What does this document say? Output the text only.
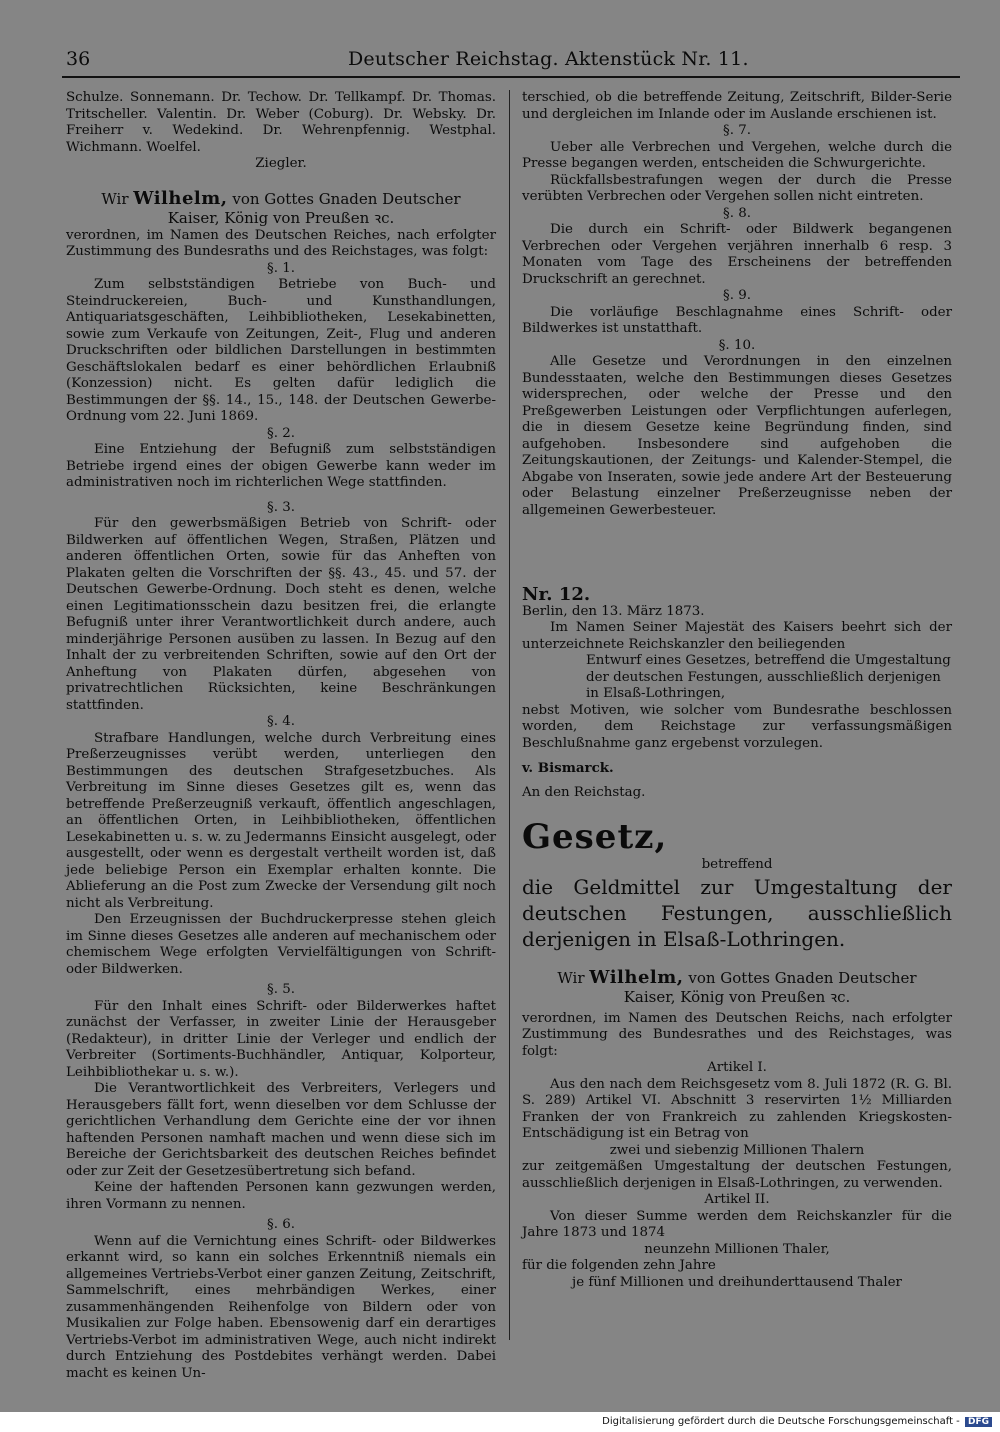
36	Deutscher Reichstag. Aktenstück Nr. 11.

Schulze. Sonnemann. Dr. Techow. Dr. Tellkampf. Dr. Thomas. Tritscheller. Valentin. Dr. Weber (Coburg). Dr. Websky. Dr. Freiherr v. Wedekind. Dr. Wehrenpfennig. Westphal. Wichmann. Woelfel.

Ziegler.

Wir Wilhelm, von Gottes Gnaden Deutscher

Kaiser, König von Preußen ꝛc.

verordnen, im Namen des Deutschen Reiches, nach erfolgter Zustimmung des Bundesraths und des Reichstages, was folgt:

§. 1.

Zum selbstständigen Betriebe von Buch- und Steindruckereien, Buch- und Kunsthandlungen, Antiquariatsgeschäften, Leihbibliotheken, Lesekabinetten, sowie zum Verkaufe von Zeitungen, Zeit-, Flug und anderen Druckschriften oder bildlichen Darstellungen in bestimmten Geschäftslokalen bedarf es einer behördlichen Erlaubniß (Konzession) nicht. Es gelten dafür lediglich die Bestimmungen der §§. 14., 15., 148. der Deutschen Gewerbe-Ordnung vom 22. Juni 1869.

§. 2.

Eine Entziehung der Befugniß zum selbstständigen Betriebe irgend eines der obigen Gewerbe kann weder im administrativen noch im richterlichen Wege stattfinden.

§. 3.

Für den gewerbsmäßigen Betrieb von Schrift- oder Bildwerken auf öffentlichen Wegen, Straßen, Plätzen und anderen öffentlichen Orten, sowie für das Anheften von Plakaten gelten die Vorschriften der §§. 43., 45. und 57. der Deutschen Gewerbe-Ordnung. Doch steht es denen, welche einen Legitimationsschein dazu besitzen frei, die erlangte Befugniß unter ihrer Verantwortlichkeit durch andere, auch minderjährige Personen ausüben zu lassen. In Bezug auf den Inhalt der zu verbreitenden Schriften, sowie auf den Ort der Anheftung von Plakaten dürfen, abgesehen von privatrechtlichen Rücksichten, keine Beschränkungen stattfinden.

§. 4.

Strafbare Handlungen, welche durch Verbreitung eines Preßerzeugnisses verübt werden, unterliegen den Bestimmungen des deutschen Strafgesetzbuches. Als Verbreitung im Sinne dieses Gesetzes gilt es, wenn das betreffende Preßerzeugniß verkauft, öffentlich angeschlagen, an öffentlichen Orten, in Leihbibliotheken, öffentlichen Lesekabinetten u. s. w. zu Jedermanns Einsicht ausgelegt, oder ausgestellt, oder wenn es dergestalt vertheilt worden ist, daß jede beliebige Person ein Exemplar erhalten konnte. Die Ablieferung an die Post zum Zwecke der Versendung gilt noch nicht als Verbreitung.

Den Erzeugnissen der Buchdruckerpresse stehen gleich im Sinne dieses Gesetzes alle anderen auf mechanischem oder chemischem Wege erfolgten Vervielfältigungen von Schrift- oder Bildwerken.

§. 5.

Für den Inhalt eines Schrift- oder Bilderwerkes haftet zunächst der Verfasser, in zweiter Linie der Herausgeber (Redakteur), in dritter Linie der Verleger und endlich der Verbreiter (Sortiments-Buchhändler, Antiquar, Kolporteur, Leihbibliothekar u. s. w.).

Die Verantwortlichkeit des Verbreiters, Verlegers und Herausgebers fällt fort, wenn dieselben vor dem Schlusse der gerichtlichen Verhandlung dem Gerichte eine der vor ihnen haftenden Personen namhaft machen und wenn diese sich im Bereiche der Gerichtsbarkeit des deutschen Reiches befindet oder zur Zeit der Gesetzesübertretung sich befand.

Keine der haftenden Personen kann gezwungen werden, ihren Vormann zu nennen.

§. 6.

Wenn auf die Vernichtung eines Schrift- oder Bildwerkes erkannt wird, so kann ein solches Erkenntniß niemals ein allgemeines Vertriebs-Verbot einer ganzen Zeitung, Zeitschrift, Sammelschrift, eines mehrbändigen Werkes, einer zusammenhängenden Reihenfolge von Bildern oder von Musikalien zur Folge haben. Ebensowenig darf ein derartiges Vertriebs-Verbot im administrativen Wege, auch nicht indirekt durch Entziehung des Postdebites verhängt werden. Dabei macht es keinen Un-

terschied, ob die betreffende Zeitung, Zeitschrift, Bilder-Serie und dergleichen im Inlande oder im Auslande erschienen ist.

§. 7.

Ueber alle Verbrechen und Vergehen, welche durch die Presse begangen werden, entscheiden die Schwurgerichte.

Rückfallsbestrafungen wegen der durch die Presse verübten Verbrechen oder Vergehen sollen nicht eintreten.

§. 8.

Die durch ein Schrift- oder Bildwerk begangenen Verbrechen oder Vergehen verjähren innerhalb 6 resp. 3 Monaten vom Tage des Erscheinens der betreffenden Druckschrift an gerechnet.

§. 9.

Die vorläufige Beschlagnahme eines Schrift- oder Bildwerkes ist unstatthaft.

§. 10.

Alle Gesetze und Verordnungen in den einzelnen Bundesstaaten, welche den Bestimmungen dieses Gesetzes widersprechen, oder welche der Presse und den Preßgewerben Leistungen oder Verpflichtungen auferlegen, die in diesem Gesetze keine Begründung finden, sind aufgehoben. Insbesondere sind aufgehoben die Zeitungskautionen, der Zeitungs- und Kalender-Stempel, die Abgabe von Inseraten, sowie jede andere Art der Besteuerung oder Belastung einzelner Preßerzeugnisse neben der allgemeinen Gewerbesteuer.

Nr. 12.

Berlin, den 13. März 1873.

Im Namen Seiner Majestät des Kaisers beehrt sich der unterzeichnete Reichskanzler den beiliegenden

Entwurf eines Gesetzes, betreffend die Umgestaltung der deutschen Festungen, ausschließlich derjenigen in Elsaß-Lothringen,

nebst Motiven, wie solcher vom Bundesrathe beschlossen worden, dem Reichstage zur verfassungsmäßigen Beschlußnahme ganz ergebenst vorzulegen.

v. Bismarck.

An den Reichstag.

Gesetz,

betreffend

die Geldmittel zur Umgestaltung der deutschen Festungen, ausschließlich derjenigen in Elsaß-Lothringen.

Wir Wilhelm, von Gottes Gnaden Deutscher

Kaiser, König von Preußen ꝛc.

verordnen, im Namen des Deutschen Reichs, nach erfolgter Zustimmung des Bundesrathes und des Reichstages, was folgt:

Artikel I.

Aus den nach dem Reichsgesetz vom 8. Juli 1872 (R. G. Bl. S. 289) Artikel VI. Abschnitt 3 reservirten 1½ Milliarden Franken der von Frankreich zu zahlenden Kriegskosten-Entschädigung ist ein Betrag von

zwei und siebenzig Millionen Thalern

zur zeitgemäßen Umgestaltung der deutschen Festungen, ausschließlich derjenigen in Elsaß-Lothringen, zu verwenden.

Artikel II.

Von dieser Summe werden dem Reichskanzler für die Jahre 1873 und 1874

neunzehn Millionen Thaler,

für die folgenden zehn Jahre

je fünf Millionen und dreihunderttausend Thaler

Digitalisierung gefördert durch die Deutsche Forschungsgemeinschaft - DFG
